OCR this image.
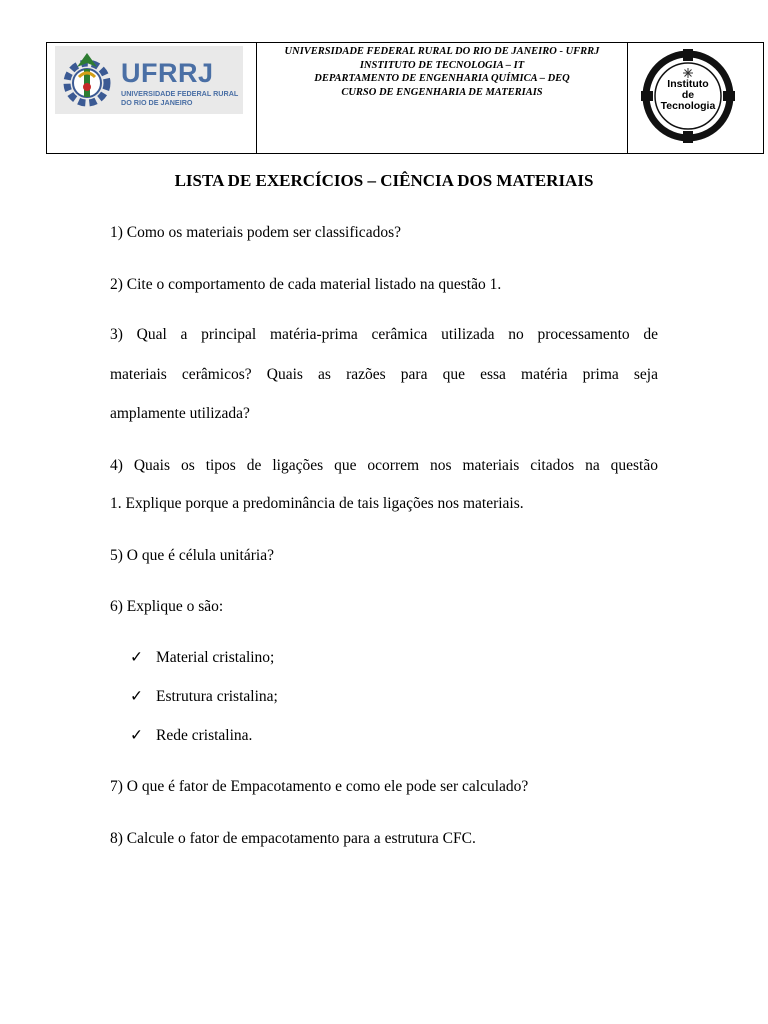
UFRRJ
UNIVERSIDADE FEDERAL RURAL
DO RIO DE JANEIRO
UNIVERSIDADE FEDERAL RURAL DO RIO DE JANEIRO - UFRRJ
INSTITUTO DE TECNOLOGIA – IT
DEPARTAMENTO DE ENGENHARIA QUÍMICA – DEQ
CURSO DE ENGENHARIA DE MATERIAIS
Instituto
de
Tecnologia
LISTA DE EXERCÍCIOS – CIÊNCIA DOS MATERIAIS
1) Como os materiais podem ser classificados?
2) Cite o comportamento de cada material listado na questão 1.
3) Qual a principal matéria-prima cerâmica utilizada no processamento de
materiais cerâmicos? Quais as razões para que essa matéria prima seja
amplamente utilizada?
4) Quais os tipos de ligações que ocorrem nos materiais citados na questão
1. Explique porque a predominância de tais ligações nos materiais.
5) O que é célula unitária?
6) Explique o são:
✓ Material cristalino;
✓ Estrutura cristalina;
✓ Rede cristalina.
7) O que é fator de Empacotamento e como ele pode ser calculado?
8) Calcule o fator de empacotamento para a estrutura CFC.
